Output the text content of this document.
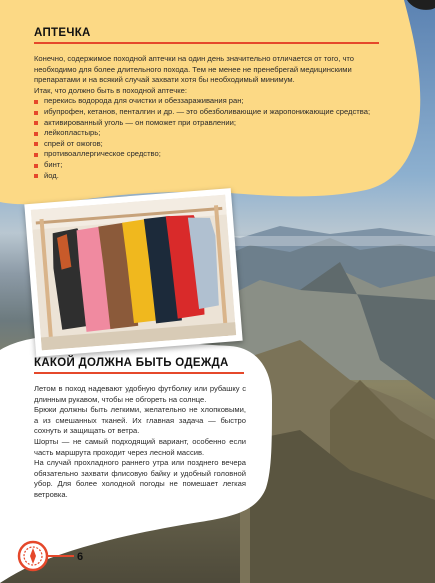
АПТЕЧКА
Конечно, содержимое походной аптечки на один день значительно отличается от того, что необходимо для более длительного похода. Тем не менее не пренебрегай медицинскими препаратами и на всякий случай захвати хотя бы необходимый минимум.
Итак, что должно быть в походной аптечке:
перекись водорода для очистки и обеззараживания ран;
ибупрофен, кетанов, пенталгин и др. — это обезболивающие и жаропонижающие средства;
активированный уголь — он поможет при отравлении;
лейкопластырь;
спрей от ожогов;
противоаллергическое средство;
бинт;
йод.
КАКОЙ ДОЛЖНА БЫТЬ ОДЕЖДА

Летом в поход надевают удобную футболку или рубашку с длинным рукавом, чтобы не обгореть на солнце.

Брюки должны быть легкими, желательно не хлопковыми, а из смешанных тканей. Их главная задача — быстро сохнуть и защищать от ветра.

Шорты — не самый подходящий вариант, особенно если часть маршрута проходит через лесной массив.

На случай прохладного раннего утра или позднего вечера обязательно захвати флисовую байку и удобный головной убор. Для более холодной погоды не помешает легкая ветровка.

6
